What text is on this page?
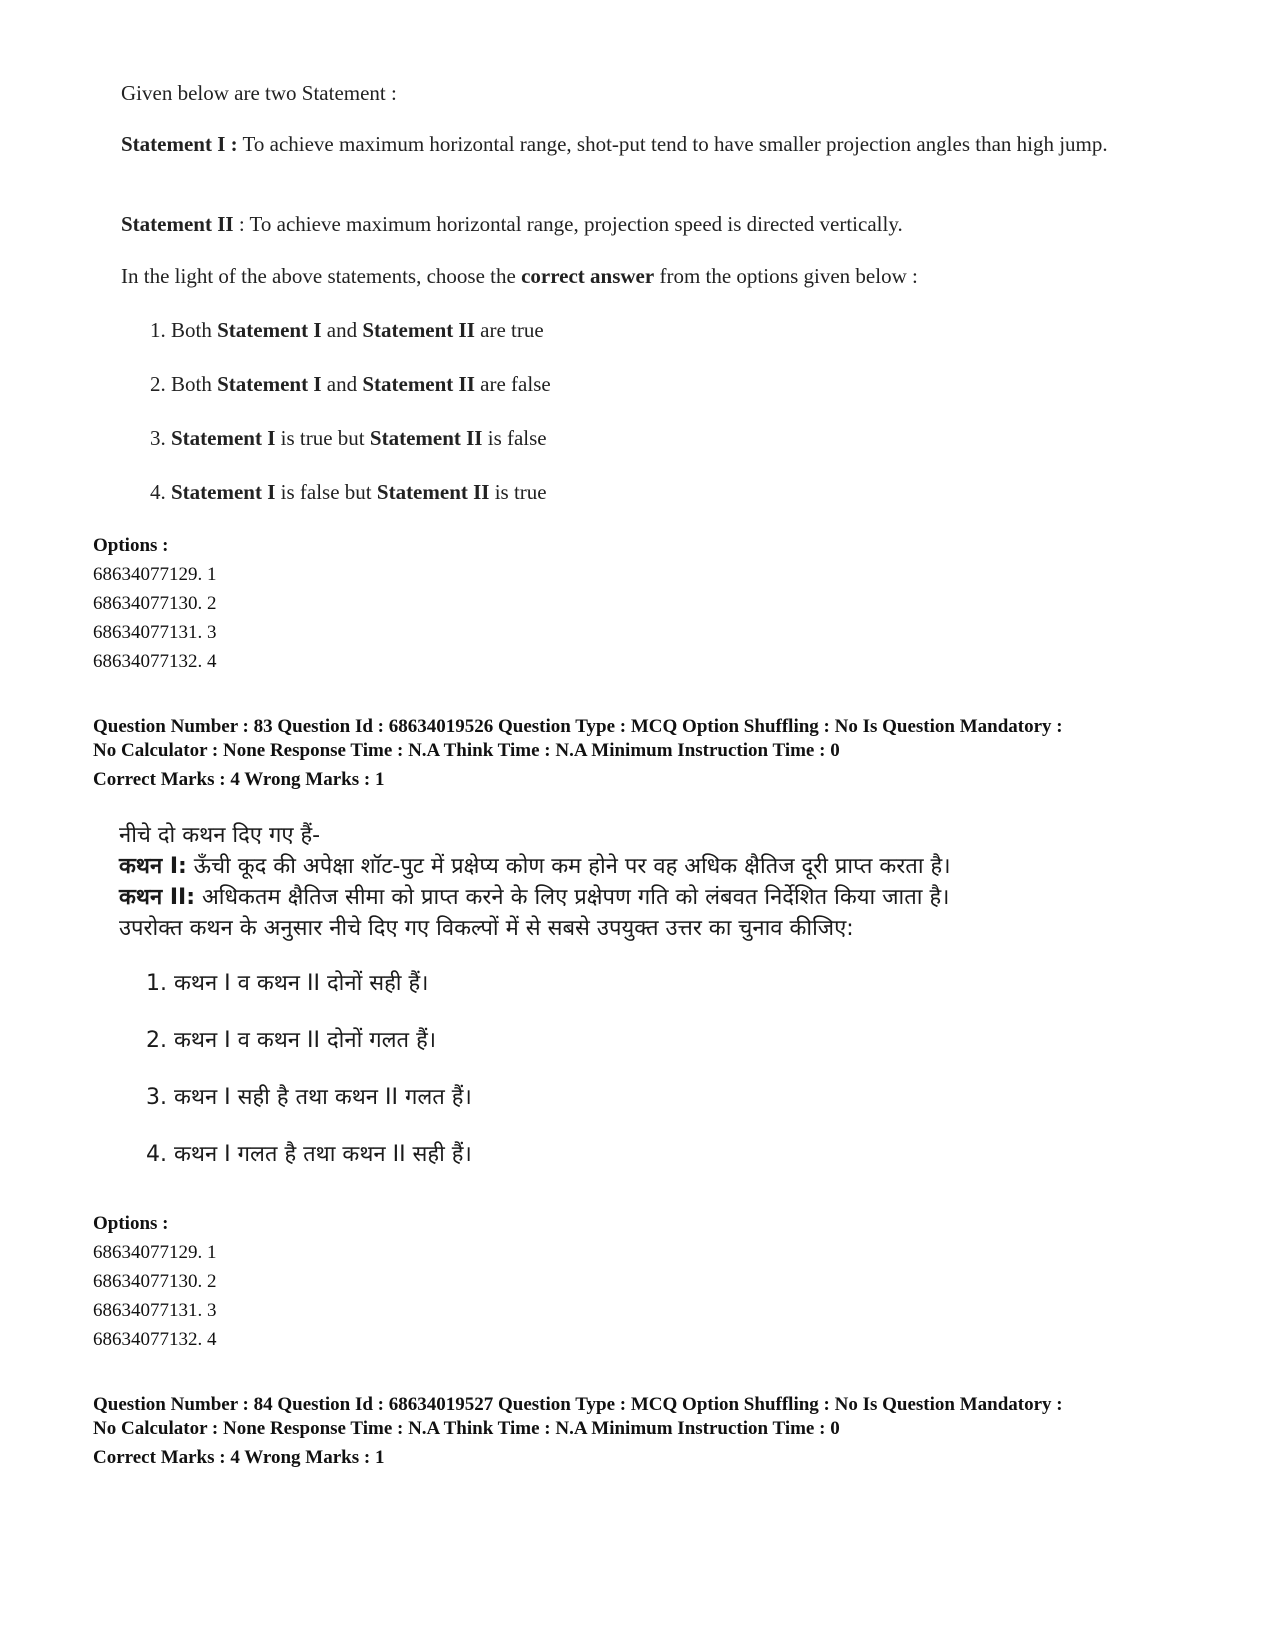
Given below are two Statement :

Statement I : To achieve maximum horizontal range, shot-put tend to have smaller projection angles than high jump.

Statement II : To achieve maximum horizontal range, projection speed is directed vertically.

In the light of the above statements, choose the correct answer from the options given below :

1. Both Statement I and Statement II are true

2. Both Statement I and Statement II are false

3. Statement I is true but Statement II is false

4. Statement I is false but Statement II is true

Options :
68634077129. 1
68634077130. 2
68634077131. 3
68634077132. 4
Question Number : 83 Question Id : 68634019526 Question Type : MCQ Option Shuffling : No Is Question Mandatory :
No Calculator : None Response Time : N.A Think Time : N.A Minimum Instruction Time : 0
Correct Marks : 4 Wrong Marks : 1
नीचे दो कथन दिए गए हैं-
कथन I: ऊँची कूद की अपेक्षा शॉट-पुट में प्रक्षेप्य कोण कम होने पर वह अधिक क्षैतिज दूरी प्राप्त करता है।
कथन II: अधिकतम क्षैतिज सीमा को प्राप्त करने के लिए प्रक्षेपण गति को लंबवत निर्देशित किया जाता है।
उपरोक्त कथन के अनुसार नीचे दिए गए विकल्पों में से सबसे उपयुक्त उत्तर का चुनाव कीजिए:
1. कथन I व कथन II दोनों सही हैं।
2. कथन I व कथन II दोनों गलत हैं।
3. कथन I सही है तथा कथन II गलत हैं।
4. कथन I गलत है तथा कथन II सही हैं।
Options :
68634077129. 1
68634077130. 2
68634077131. 3
68634077132. 4
Question Number : 84 Question Id : 68634019527 Question Type : MCQ Option Shuffling : No Is Question Mandatory :
No Calculator : None Response Time : N.A Think Time : N.A Minimum Instruction Time : 0
Correct Marks : 4 Wrong Marks : 1
